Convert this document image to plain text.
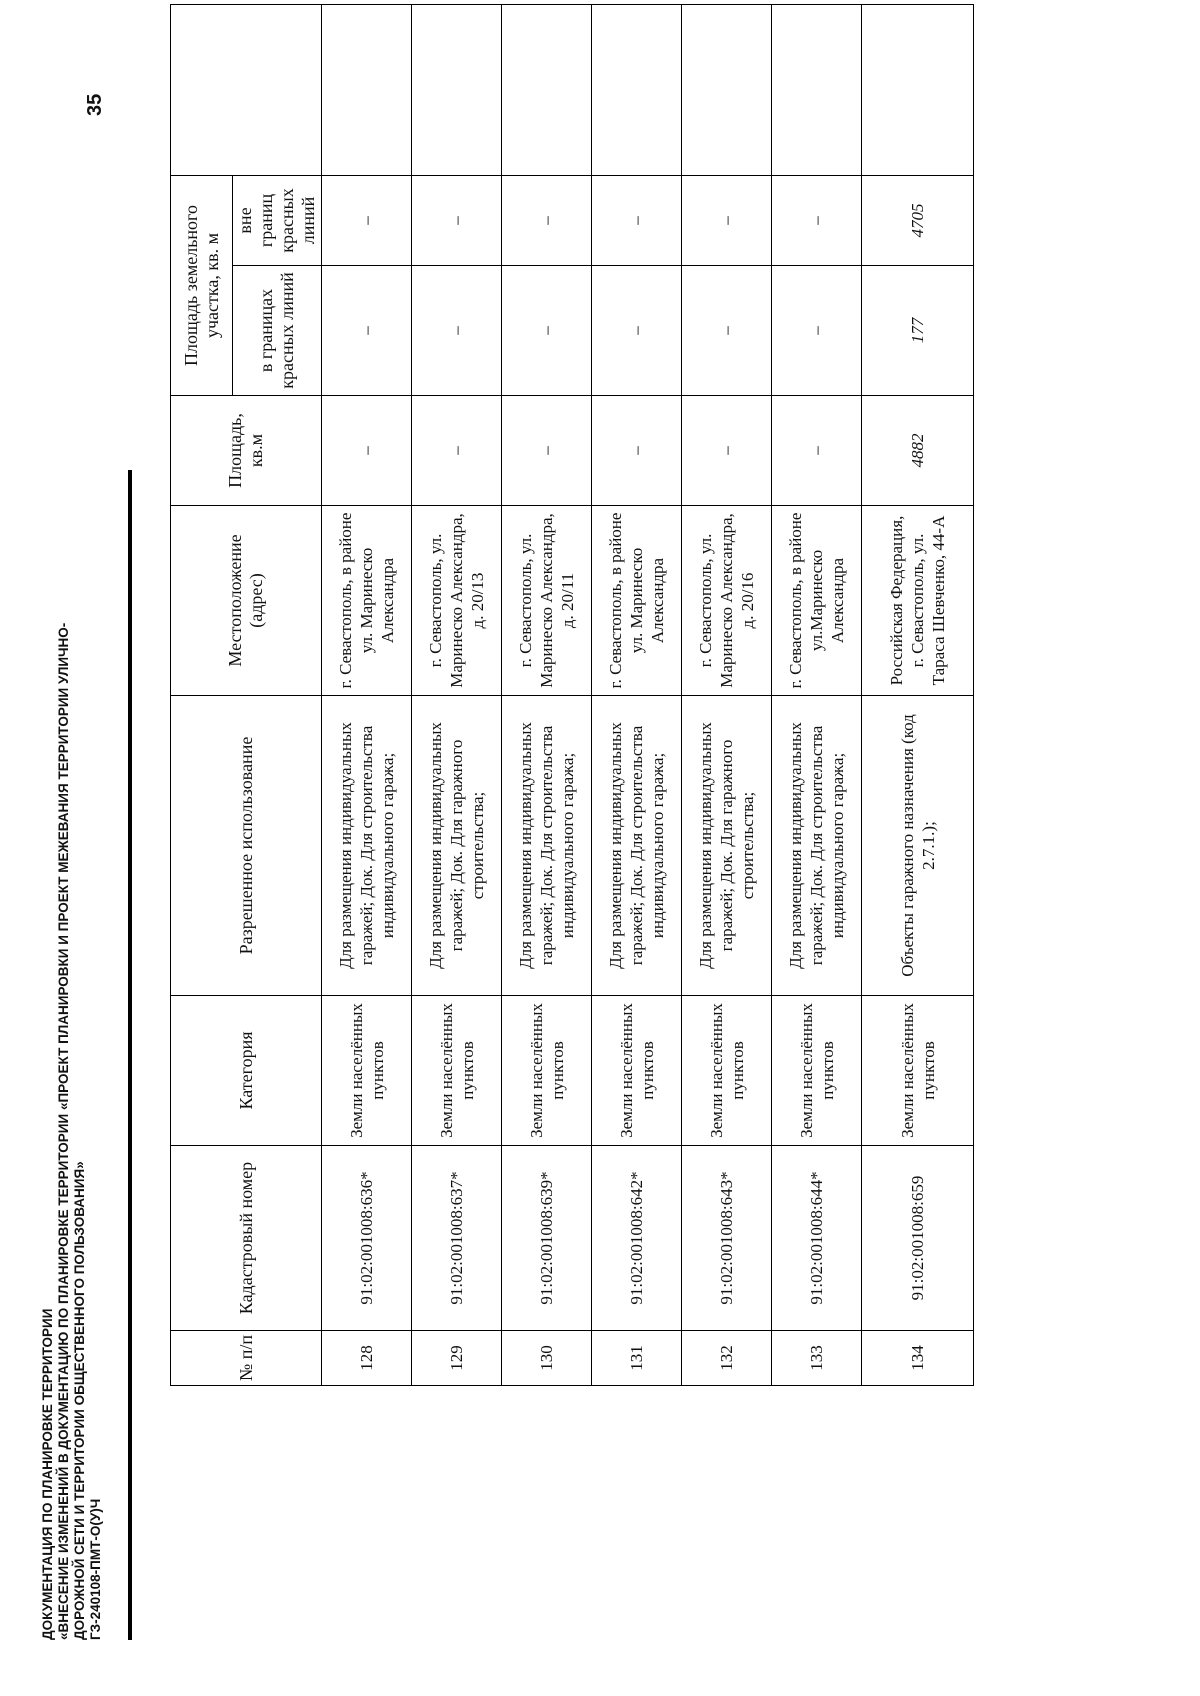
ДОКУМЕНТАЦИЯ ПО ПЛАНИРОВКЕ ТЕРРИТОРИИ «ВНЕСЕНИЕ ИЗМЕНЕНИЙ В ДОКУМЕНТАЦИЮ ПО ПЛАНИРОВКЕ ТЕРРИТОРИИ «ПРОЕКТ ПЛАНИРОВКИ И ПРОЕКТ МЕЖЕВАНИЯ ТЕРРИТОРИИ УЛИЧНО- ДОРОЖНОЙ СЕТИ И ТЕРРИТОРИИ ОБЩЕСТВЕННОГО ПОЛЬЗОВАНИЯ» ГЗ-240108-ПМТ-О(У)Ч
35
№ п/п	Кадастровый номер	Категория	Разрешенное использование	Местоположение (адрес)	Площадь, кв.м	Площадь земельного участка, кв. м		
						в границах красных линий	вне границ красных линий	
128	91:02:001008:636*	Земли населённых пунктов	Для размещения индивидуальных гаражей; Док. Для строительства индивидуального гаража;	г. Севастополь, в районе ул. Маринеско Александра	–	–	–	
129	91:02:001008:637*	Земли населённых пунктов	Для размещения индивидуальных гаражей; Док. Для гаражного строительства;	г. Севастополь, ул. Маринеско Александра, д. 20/13	–	–	–	
130	91:02:001008:639*	Земли населённых пунктов	Для размещения индивидуальных гаражей; Док. Для строительства индивидуального гаража;	г. Севастополь, ул. Маринеско Александра, д. 20/11	–	–	–	
131	91:02:001008:642*	Земли населённых пунктов	Для размещения индивидуальных гаражей; Док. Для строительства индивидуального гаража;	г. Севастополь, в районе ул. Маринеско Александра	–	–	–	
132	91:02:001008:643*	Земли населённых пунктов	Для размещения индивидуальных гаражей; Док. Для гаражного строительства;	г. Севастополь, ул. Маринеско Александра, д. 20/16	–	–	–	
133	91:02:001008:644*	Земли населённых пунктов	Для размещения индивидуальных гаражей; Док. Для строительства индивидуального гаража;	г. Севастополь, в районе ул.Маринеско Александра	–	–	–	
134	91:02:001008:659	Земли населённых пунктов	Объекты гаражного назначения (код 2.7.1.);	Российская Федерация, г. Севастополь, ул. Тараса Шевченко, 44-А	4882	177	4705	
